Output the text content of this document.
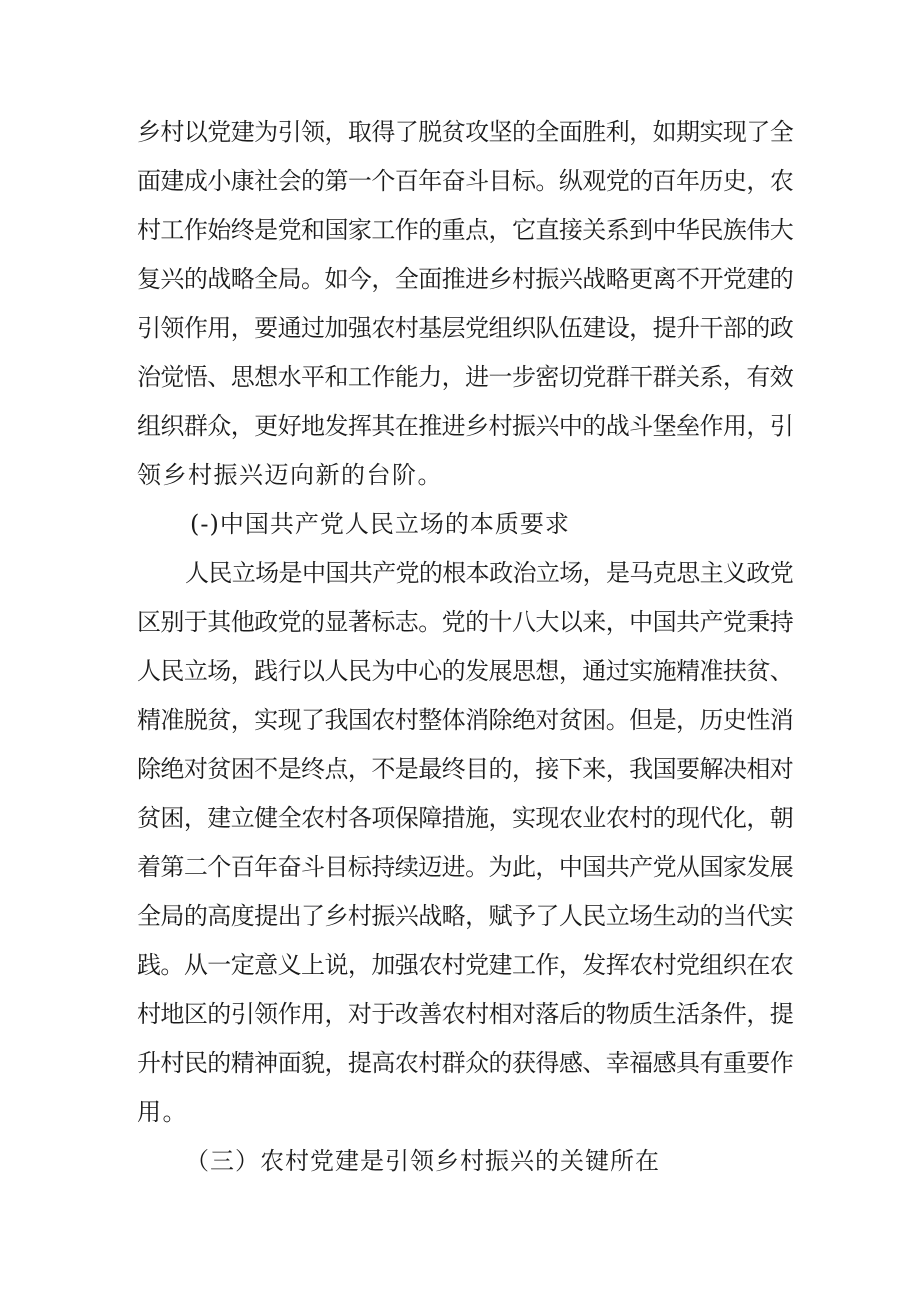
乡村以党建为引领，取得了脱贫攻坚的全面胜利，如期实现了全
面建成小康社会的第一个百年奋斗目标。纵观党的百年历史，农
村工作始终是党和国家工作的重点，它直接关系到中华民族伟大
复兴的战略全局。如今，全面推进乡村振兴战略更离不开党建的
引领作用，要通过加强农村基层党组织队伍建设，提升干部的政
治觉悟、思想水平和工作能力，进一步密切党群干群关系，有效
组织群众，更好地发挥其在推进乡村振兴中的战斗堡垒作用，引
领乡村振兴迈向新的台阶。
(-)中国共产党人民立场的本质要求
人民立场是中国共产党的根本政治立场，是马克思主义政党
区别于其他政党的显著标志。党的十八大以来，中国共产党秉持
人民立场，践行以人民为中心的发展思想，通过实施精准扶贫、
精准脱贫，实现了我国农村整体消除绝对贫困。但是，历史性消
除绝对贫困不是终点，不是最终目的，接下来，我国要解决相对
贫困，建立健全农村各项保障措施，实现农业农村的现代化，朝
着第二个百年奋斗目标持续迈进。为此，中国共产党从国家发展
全局的高度提出了乡村振兴战略，赋予了人民立场生动的当代实
践。从一定意义上说，加强农村党建工作，发挥农村党组织在农
村地区的引领作用，对于改善农村相对落后的物质生活条件，提
升村民的精神面貌，提高农村群众的获得感、幸福感具有重要作
用。
（三）农村党建是引领乡村振兴的关键所在
